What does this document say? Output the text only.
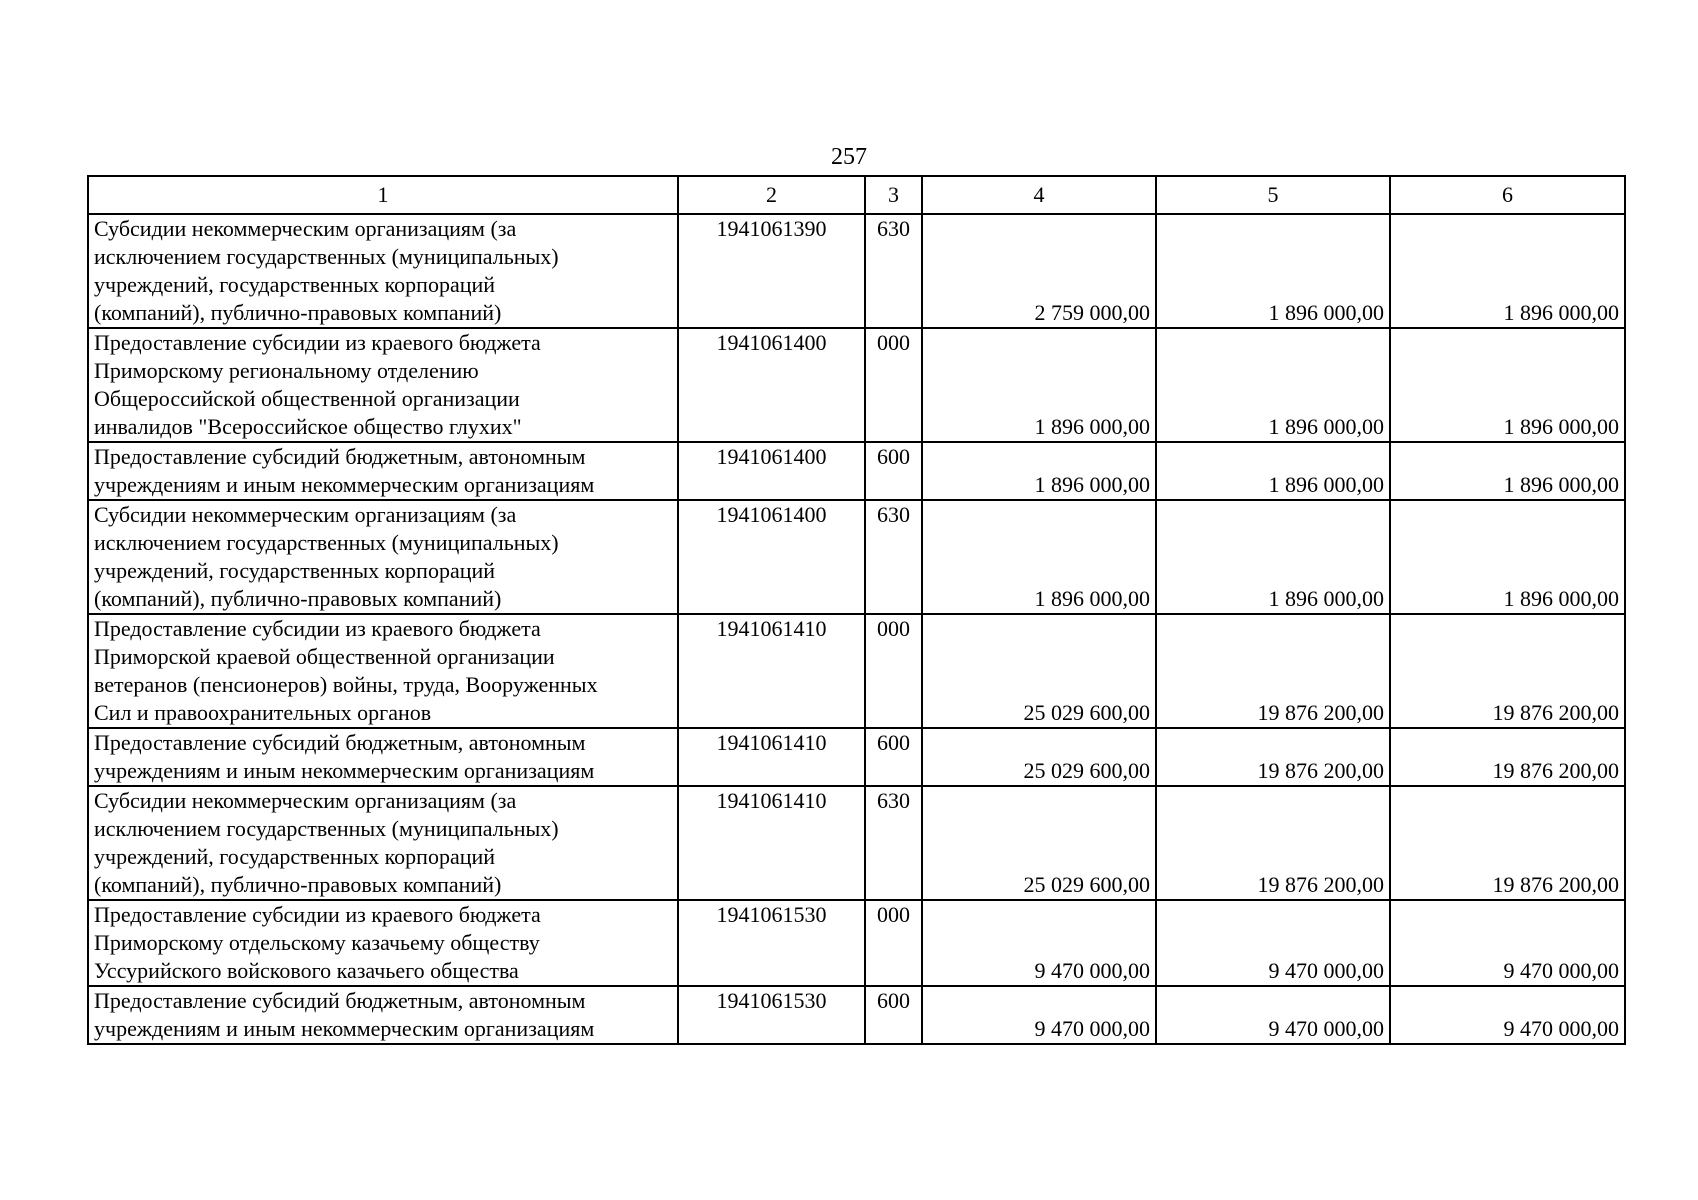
257
1	2	3	4	5	6

Субсидии некоммерческим организациям (за
исключением государственных (муниципальных)
учреждений, государственных корпораций
(компаний), публично-правовых компаний)	1941061390	630	2 759 000,00	1 896 000,00	1 896 000,00

Предоставление субсидии из краевого бюджета
Приморскому региональному отделению
Общероссийской общественной организации
инвалидов "Всероссийское общество глухих"	1941061400	000	1 896 000,00	1 896 000,00	1 896 000,00

Предоставление субсидий бюджетным, автономным
учреждениям и иным некоммерческим организациям	1941061400	600	1 896 000,00	1 896 000,00	1 896 000,00

Субсидии некоммерческим организациям (за
исключением государственных (муниципальных)
учреждений, государственных корпораций
(компаний), публично-правовых компаний)	1941061400	630	1 896 000,00	1 896 000,00	1 896 000,00

Предоставление субсидии из краевого бюджета
Приморской краевой общественной организации
ветеранов (пенсионеров) войны, труда, Вооруженных
Сил и правоохранительных органов	1941061410	000	25 029 600,00	19 876 200,00	19 876 200,00

Предоставление субсидий бюджетным, автономным
учреждениям и иным некоммерческим организациям	1941061410	600	25 029 600,00	19 876 200,00	19 876 200,00

Субсидии некоммерческим организациям (за
исключением государственных (муниципальных)
учреждений, государственных корпораций
(компаний), публично-правовых компаний)	1941061410	630	25 029 600,00	19 876 200,00	19 876 200,00

Предоставление субсидии из краевого бюджета
Приморскому отдельскому казачьему обществу
Уссурийского войскового казачьего общества	1941061530	000	9 470 000,00	9 470 000,00	9 470 000,00

Предоставление субсидий бюджетным, автономным
учреждениям и иным некоммерческим организациям	1941061530	600	9 470 000,00	9 470 000,00	9 470 000,00
